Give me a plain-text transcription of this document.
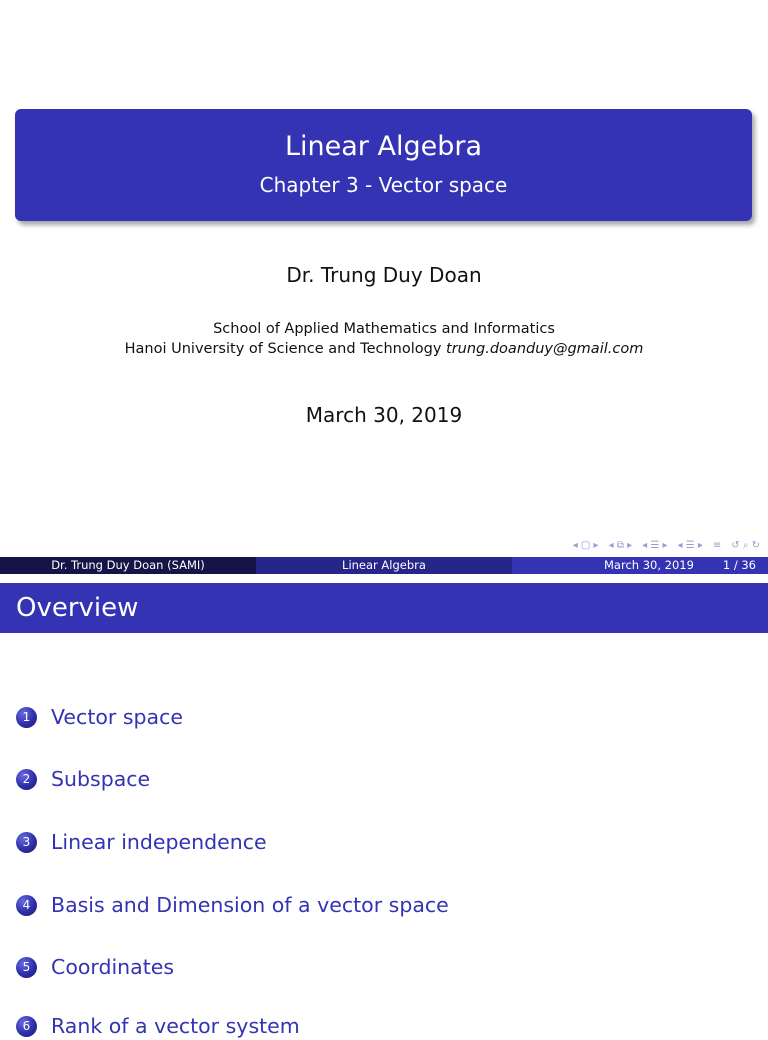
Linear Algebra
Chapter 3 - Vector space
Dr. Trung Duy Doan
School of Applied Mathematics and Informatics
Hanoi University of Science and Technology trung.doanduy@gmail.com
March 30, 2019
◂ ▢ ▸ ◂ ⧉ ▸ ◂ ☰ ▸ ◂ ☰ ▸ ≡ ↺ ⌕ ↻
Dr. Trung Duy Doan (SAMI)	Linear Algebra	March 30, 2019	1 / 36
Overview
1	Vector space
2	Subspace
3	Linear independence
4	Basis and Dimension of a vector space
5	Coordinates
6	Rank of a vector system
